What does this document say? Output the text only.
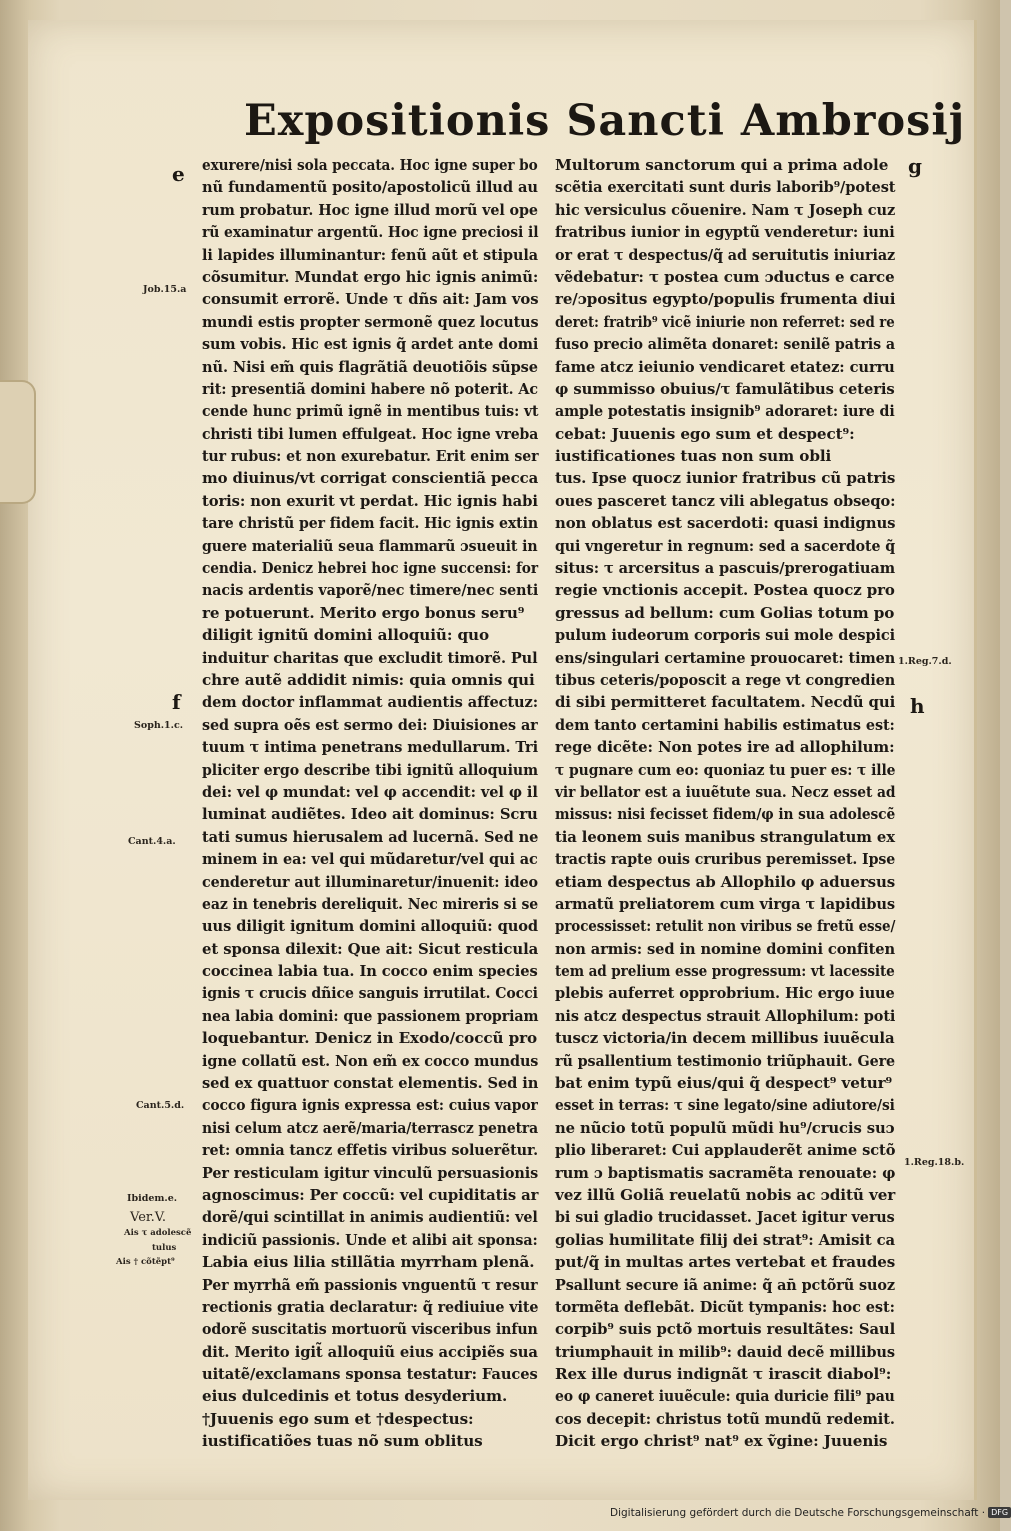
Expositionis Sancti Ambrosij
exurere/nisi sola peccata. Hoc igne super bo
nũ fundamentũ posito/apostolicũ illud au
rum probatur. Hoc igne illud morũ vel ope
rũ examinatur argentũ. Hoc igne preciosi il
li lapides illuminantur: fenũ aũt et stipula
cõsumitur. Mundat ergo hic ignis animũ:
consumit errorẽ. Unde τ dñs ait: Jam vos
mundi estis propter sermonẽ quez locutus
sum vobis. Hic est ignis q̃ ardet ante domi
nũ. Nisi em̃ quis flagrãtiã deuotiõis sũpse
rit: presentiã domini habere nõ poterit. Ac
cende hunc primũ ignẽ in mentibus tuis: vt
christi tibi lumen effulgeat. Hoc igne vreba
tur rubus: et non exurebatur. Erit enim ser
mo diuinus/vt corrigat conscientiã pecca
toris: non exurit vt perdat. Hic ignis habi
tare christũ per fidem facit. Hic ignis extin
guere materialiũ seua flammarũ ɔsueuit in
cendia. Denicz hebrei hoc igne succensi: for
nacis ardentis vaporẽ/nec timere/nec senti
re potuerunt. Merito ergo bonus seru⁹
diligit ignitũ domini alloquiũ: quo
induitur charitas que excludit timorẽ. Pul
chre autẽ addidit nimis: quia omnis qui
dem doctor inflammat audientis affectuz:
sed supra oẽs est sermo dei: Diuisiones ar
tuum τ intima penetrans medullarum. Tri
pliciter ergo describe tibi ignitũ alloquium
dei: vel φ mundat: vel φ accendit: vel φ il
luminat audiẽtes. Ideo ait dominus: Scru
tati sumus hierusalem ad lucernã. Sed ne
minem in ea: vel qui mũdaretur/vel qui ac
cenderetur aut illuminaretur/inuenit: ideo
eaz in tenebris dereliquit. Nec mireris si se
uus diligit ignitum domini alloquiũ: quod
et sponsa dilexit: Que ait: Sicut resticula
coccinea labia tua. In cocco enim species
ignis τ crucis dñice sanguis irrutilat. Cocci
nea labia domini: que passionem propriam
loquebantur. Denicz in Exodo/coccũ pro
igne collatũ est. Non em̃ ex cocco mundus
sed ex quattuor constat elementis. Sed in
cocco figura ignis expressa est: cuius vapor
nisi celum atcz aerẽ/maria/terrascz penetra
ret: omnia tancz effetis viribus soluerẽtur.
Per resticulam igitur vinculũ persuasionis
agnoscimus: Per coccũ: vel cupiditatis ar
dorẽ/qui scintillat in animis audientiũ: vel
indiciũ passionis. Unde et alibi ait sponsa:
Labia eius lilia stillãtia myrrham plenã.
Per myrrhã em̃ passionis vnguentũ τ resur
rectionis gratia declaratur: q̃ rediuiue vite
odorẽ suscitatis mortuorũ visceribus infun
dit. Merito igit̃ alloquiũ eius accipiẽs sua
uitatẽ/exclamans sponsa testatur: Fauces
eius dulcedinis et totus desyderium.
†Juuenis ego sum et †despectus:
iustificatiões tuas nõ sum oblitus
Multorum sanctorum qui a prima adole
scẽtia exercitati sunt duris laborib⁹/potest
hic versiculus cõuenire. Nam τ Joseph cuz
fratribus iunior in egyptũ venderetur: iuni
or erat τ despectus/q̃ ad seruitutis iniuriaz
vẽdebatur: τ postea cum ɔductus e carce
re/ɔpositus egypto/populis frumenta diui
deret: fratrib⁹ vicẽ iniurie non referret: sed re
fuso precio alimẽta donaret: senilẽ patris a
fame atcz ieiunio vendicaret etatez: curru
φ summisso obuius/τ famulãtibus ceteris
ample potestatis insignib⁹ adoraret: iure di
cebat: Juuenis ego sum et despect⁹:
iustificationes tuas non sum obli
tus. Ipse quocz iunior fratribus cũ patris
oues pasceret tancz vili ablegatus obseqo:
non oblatus est sacerdoti: quasi indignus
qui vngeretur in regnum: sed a sacerdote q̃
situs: τ arcersitus a pascuis/prerogatiuam
regie vnctionis accepit. Postea quocz pro
gressus ad bellum: cum Golias totum po
pulum iudeorum corporis sui mole despici
ens/singulari certamine prouocaret: timen
tibus ceteris/poposcit a rege vt congredien
di sibi permitteret facultatem. Necdũ qui
dem tanto certamini habilis estimatus est:
rege dicẽte: Non potes ire ad allophilum:
τ pugnare cum eo: quoniaz tu puer es: τ ille
vir bellator est a iuuẽtute sua. Necz esset ad
missus: nisi fecisset fidem/φ in sua adolescẽ
tia leonem suis manibus strangulatum ex
tractis rapte ouis cruribus peremisset. Ipse
etiam despectus ab Allophilo φ aduersus
armatũ preliatorem cum virga τ lapidibus
processisset: retulit non viribus se fretũ esse/
non armis: sed in nomine domini confiten
tem ad prelium esse progressum: vt lacessite
plebis auferret opprobrium. Hic ergo iuue
nis atcz despectus strauit Allophilum: poti
tuscz victoria/in decem millibus iuuẽcula
rũ psallentium testimonio triũphauit. Gere
bat enim typũ eius/qui q̃ despect⁹ vetur⁹
esset in terras: τ sine legato/sine adiutore/si
ne nũcio totũ populũ mũdi hu⁹/crucis suɔ
plio liberaret: Cui applauderẽt anime sctõ
rum ɔ baptismatis sacramẽta renouate: φ
vez illũ Goliã reuelatũ nobis ac ɔditũ ver
bi sui gladio trucidasset. Jacet igitur verus
golias humilitate filij dei strat⁹: Amisit ca
put/q̃ in multas artes vertebat et fraudes
Psallunt secure iã anime: q̃ an̄ pctõrũ suoz
tormẽta deflebãt. Dicũt tympanis: hoc est:
corpib⁹ suis pctõ mortuis resultãtes: Saul
triumphauit in milib⁹: dauid decẽ millibus
Rex ille durus indignãt τ irascit diabol⁹:
eo φ caneret iuuẽcule: quia duricie fili⁹ pau
cos decepit: christus totũ mundũ redemit.
Dicit ergo christ⁹ nat⁹ ex ṽgine: Juuenis
Job.15.a
Soph.1.c.
Cant.4.a.
Cant.5.d.
Ibidem.e.
Ver.V.
Ais τ adolescẽ
tulus
Ais † cõtẽpt⁹
1.Reg.7.d.
1.Reg.18.b.
e
f
g
h
Digitalisierung gefördert durch die Deutsche Forschungsgemeinschaft · DFG
